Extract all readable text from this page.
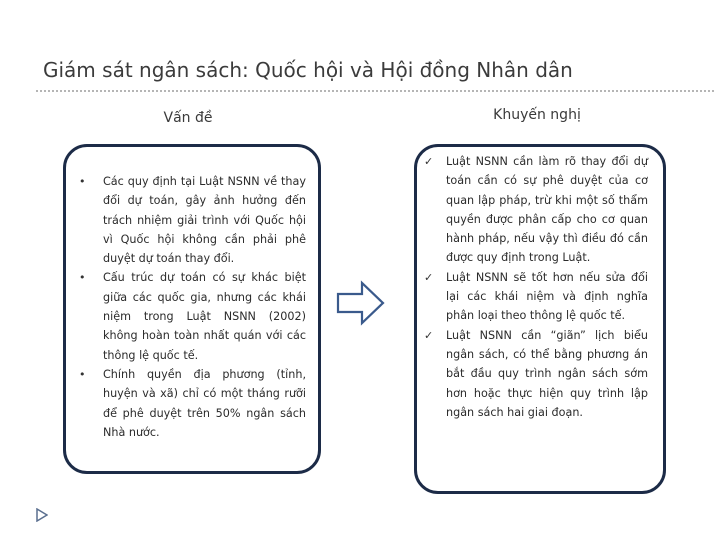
Giám sát ngân sách: Quốc hội và Hội đồng Nhân dân
Vấn đề	Khuyến nghị
• Các quy định tại Luật NSNN về thay đổi dự toán, gây ảnh hưởng đến trách nhiệm giải trình với Quốc hội vì Quốc hội không cần phải phê duyệt dự toán thay đổi.
• Cấu trúc dự toán có sự khác biệt giữa các quốc gia, nhưng các khái niệm trong Luật NSNN (2002) không hoàn toàn nhất quán với các thông lệ quốc tế.
• Chính quyền địa phương (tỉnh, huyện và xã) chỉ có một tháng rưỡi để phê duyệt trên 50% ngân sách Nhà nước.
✓ Luật NSNN cần làm rõ thay đổi dự toán cần có sự phê duyệt của cơ quan lập pháp, trừ khi một số thẩm quyền được phân cấp cho cơ quan hành pháp, nếu vậy thì điều đó cần được quy định trong Luật.
✓ Luật NSNN sẽ tốt hơn nếu sửa đổi lại các khái niệm và định nghĩa phân loại theo thông lệ quốc tế.
✓ Luật NSNN cần “giãn” lịch biểu ngân sách, có thể bằng phương án bắt đầu quy trình ngân sách sớm hơn hoặc thực hiện quy trình lập ngân sách hai giai đoạn.
